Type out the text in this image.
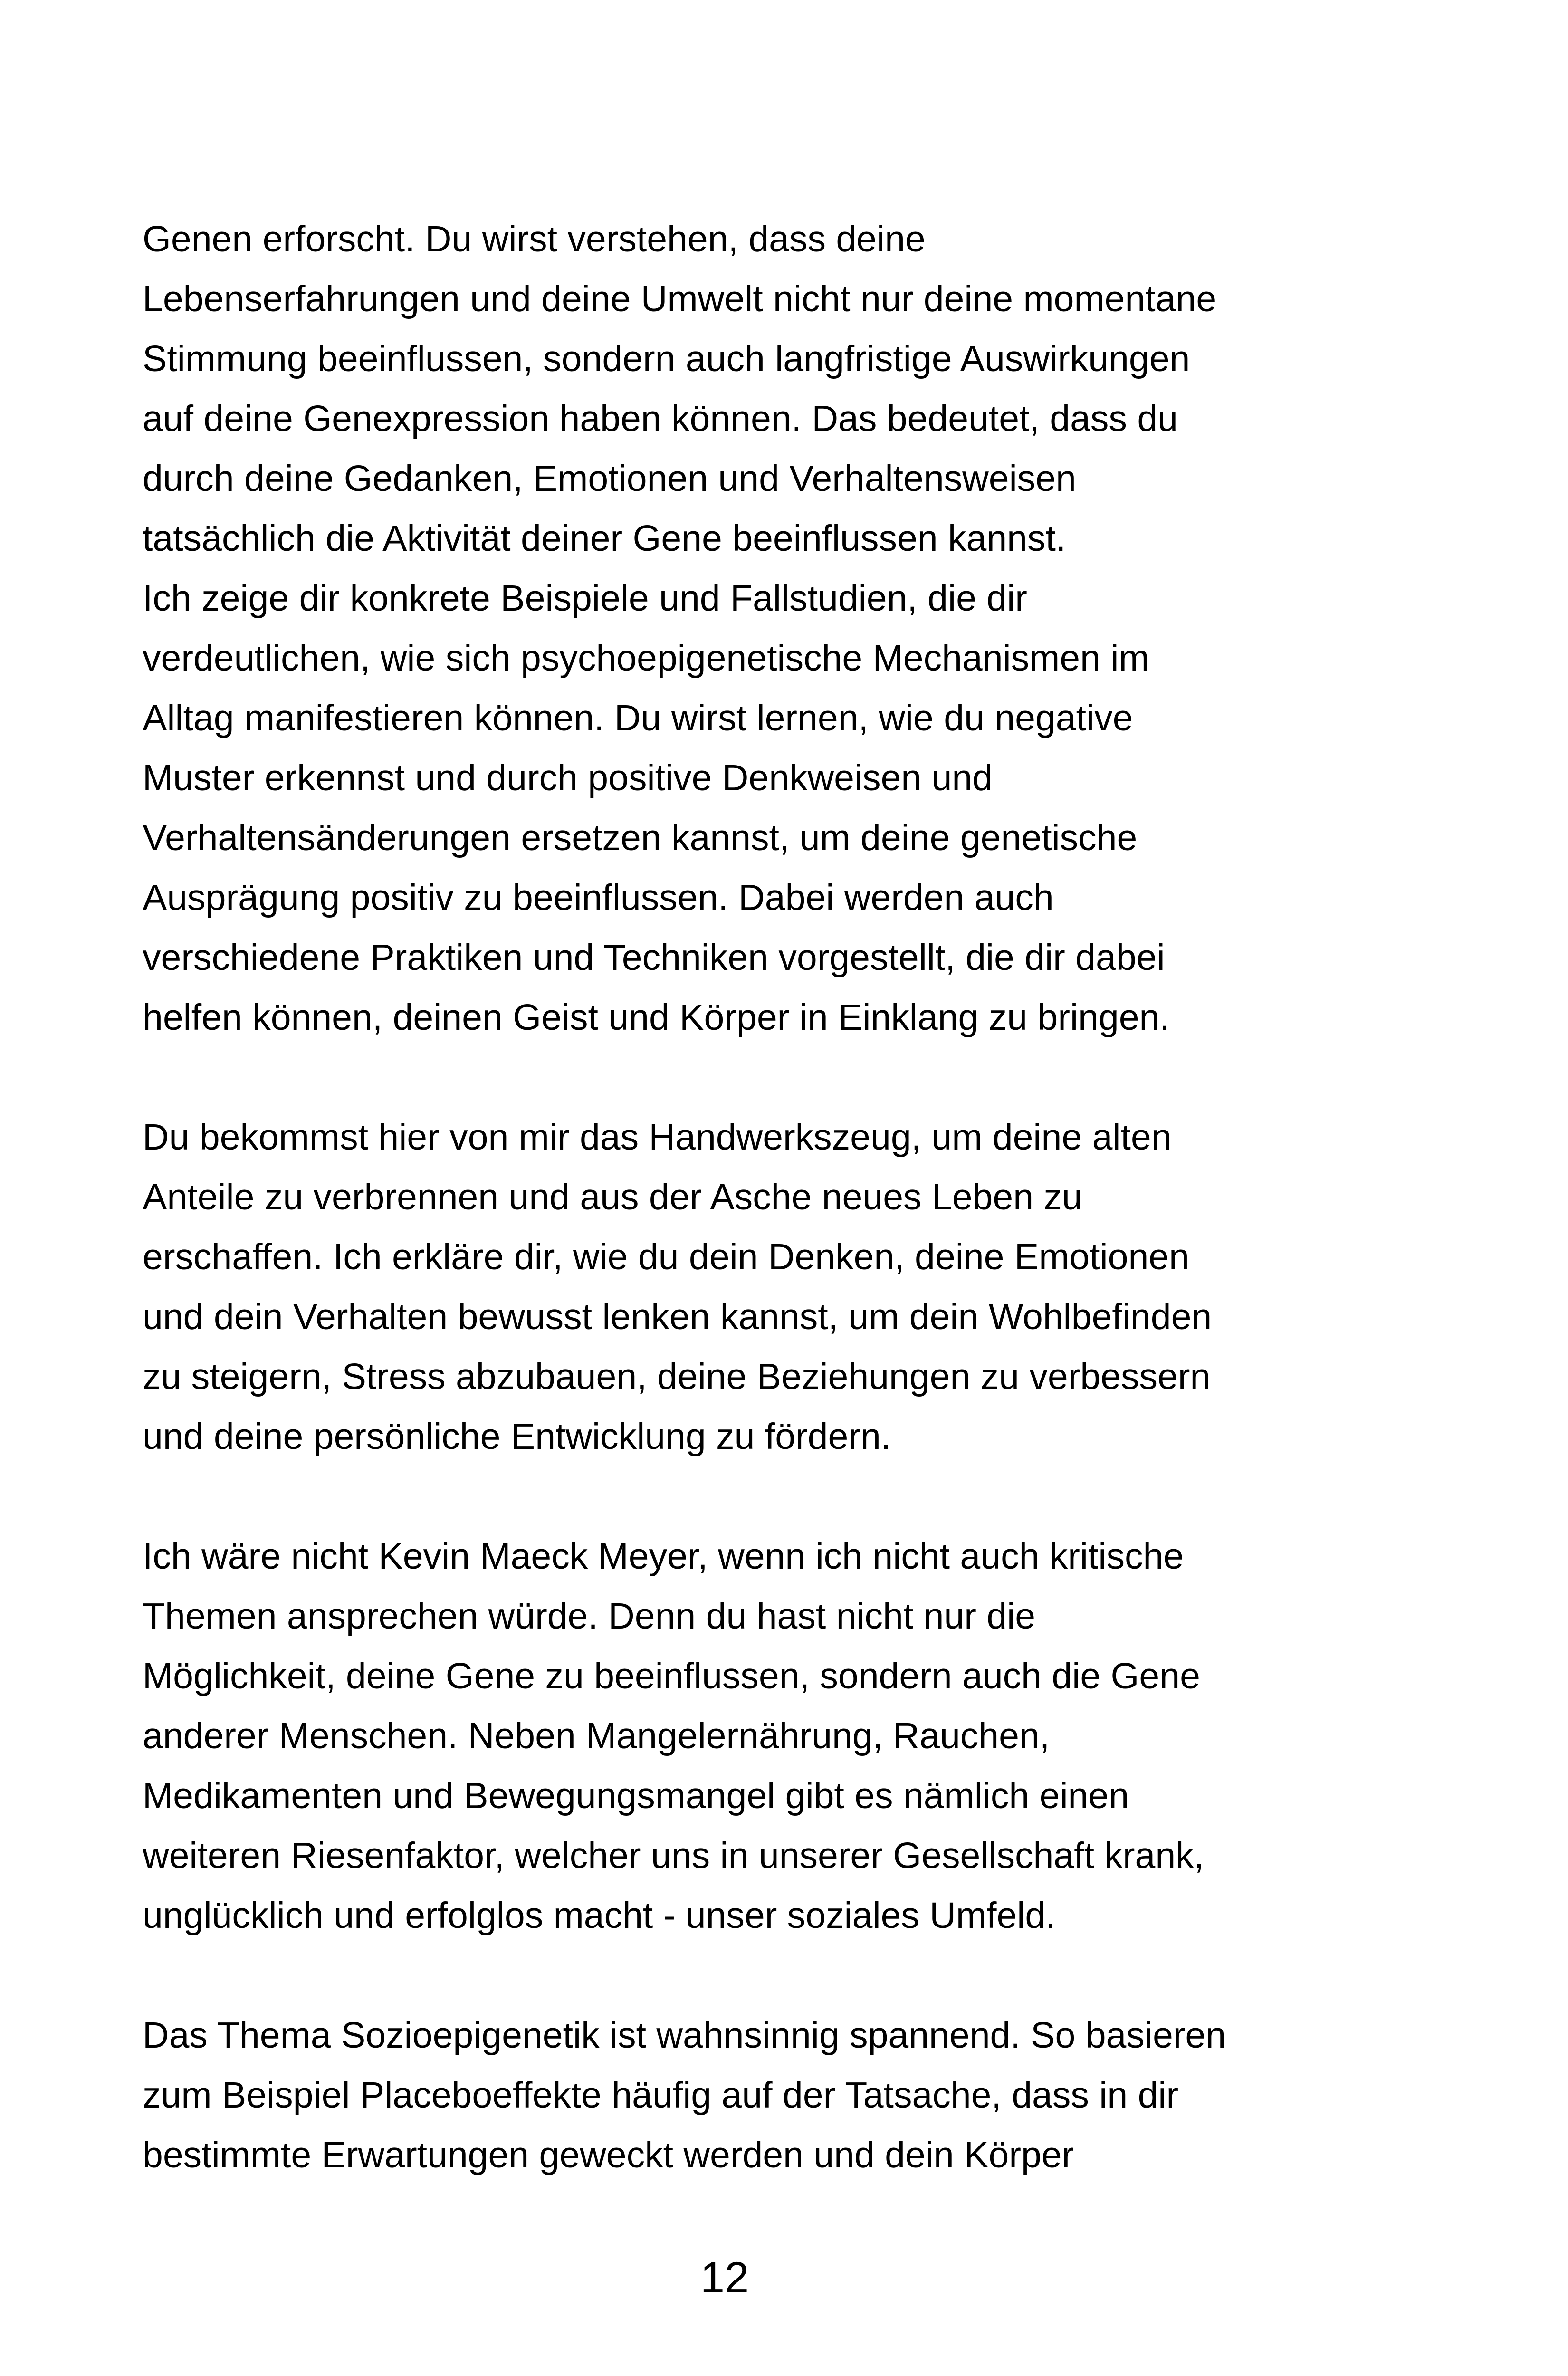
Genen erforscht. Du wirst verstehen, dass deine
Lebenserfahrungen und deine Umwelt nicht nur deine momentane
Stimmung beeinflussen, sondern auch langfristige Auswirkungen
auf deine Genexpression haben können. Das bedeutet, dass du
durch deine Gedanken, Emotionen und Verhaltensweisen
tatsächlich die Aktivität deiner Gene beeinflussen kannst.
Ich zeige dir konkrete Beispiele und Fallstudien, die dir
verdeutlichen, wie sich psychoepigenetische Mechanismen im
Alltag manifestieren können. Du wirst lernen, wie du negative
Muster erkennst und durch positive Denkweisen und
Verhaltensänderungen ersetzen kannst, um deine genetische
Ausprägung positiv zu beeinflussen. Dabei werden auch
verschiedene Praktiken und Techniken vorgestellt, die dir dabei
helfen können, deinen Geist und Körper in Einklang zu bringen.
Du bekommst hier von mir das Handwerkszeug, um deine alten
Anteile zu verbrennen und aus der Asche neues Leben zu
erschaffen. Ich erkläre dir, wie du dein Denken, deine Emotionen
und dein Verhalten bewusst lenken kannst, um dein Wohlbefinden
zu steigern, Stress abzubauen, deine Beziehungen zu verbessern
und deine persönliche Entwicklung zu fördern.
Ich wäre nicht Kevin Maeck Meyer, wenn ich nicht auch kritische
Themen ansprechen würde. Denn du hast nicht nur die
Möglichkeit, deine Gene zu beeinflussen, sondern auch die Gene
anderer Menschen. Neben Mangelernährung, Rauchen,
Medikamenten und Bewegungsmangel gibt es nämlich einen
weiteren Riesenfaktor, welcher uns in unserer Gesellschaft krank,
unglücklich und erfolglos macht - unser soziales Umfeld.
Das Thema Sozioepigenetik ist wahnsinnig spannend. So basieren
zum Beispiel Placeboeffekte häufig auf der Tatsache, dass in dir
bestimmte Erwartungen geweckt werden und dein Körper
12
